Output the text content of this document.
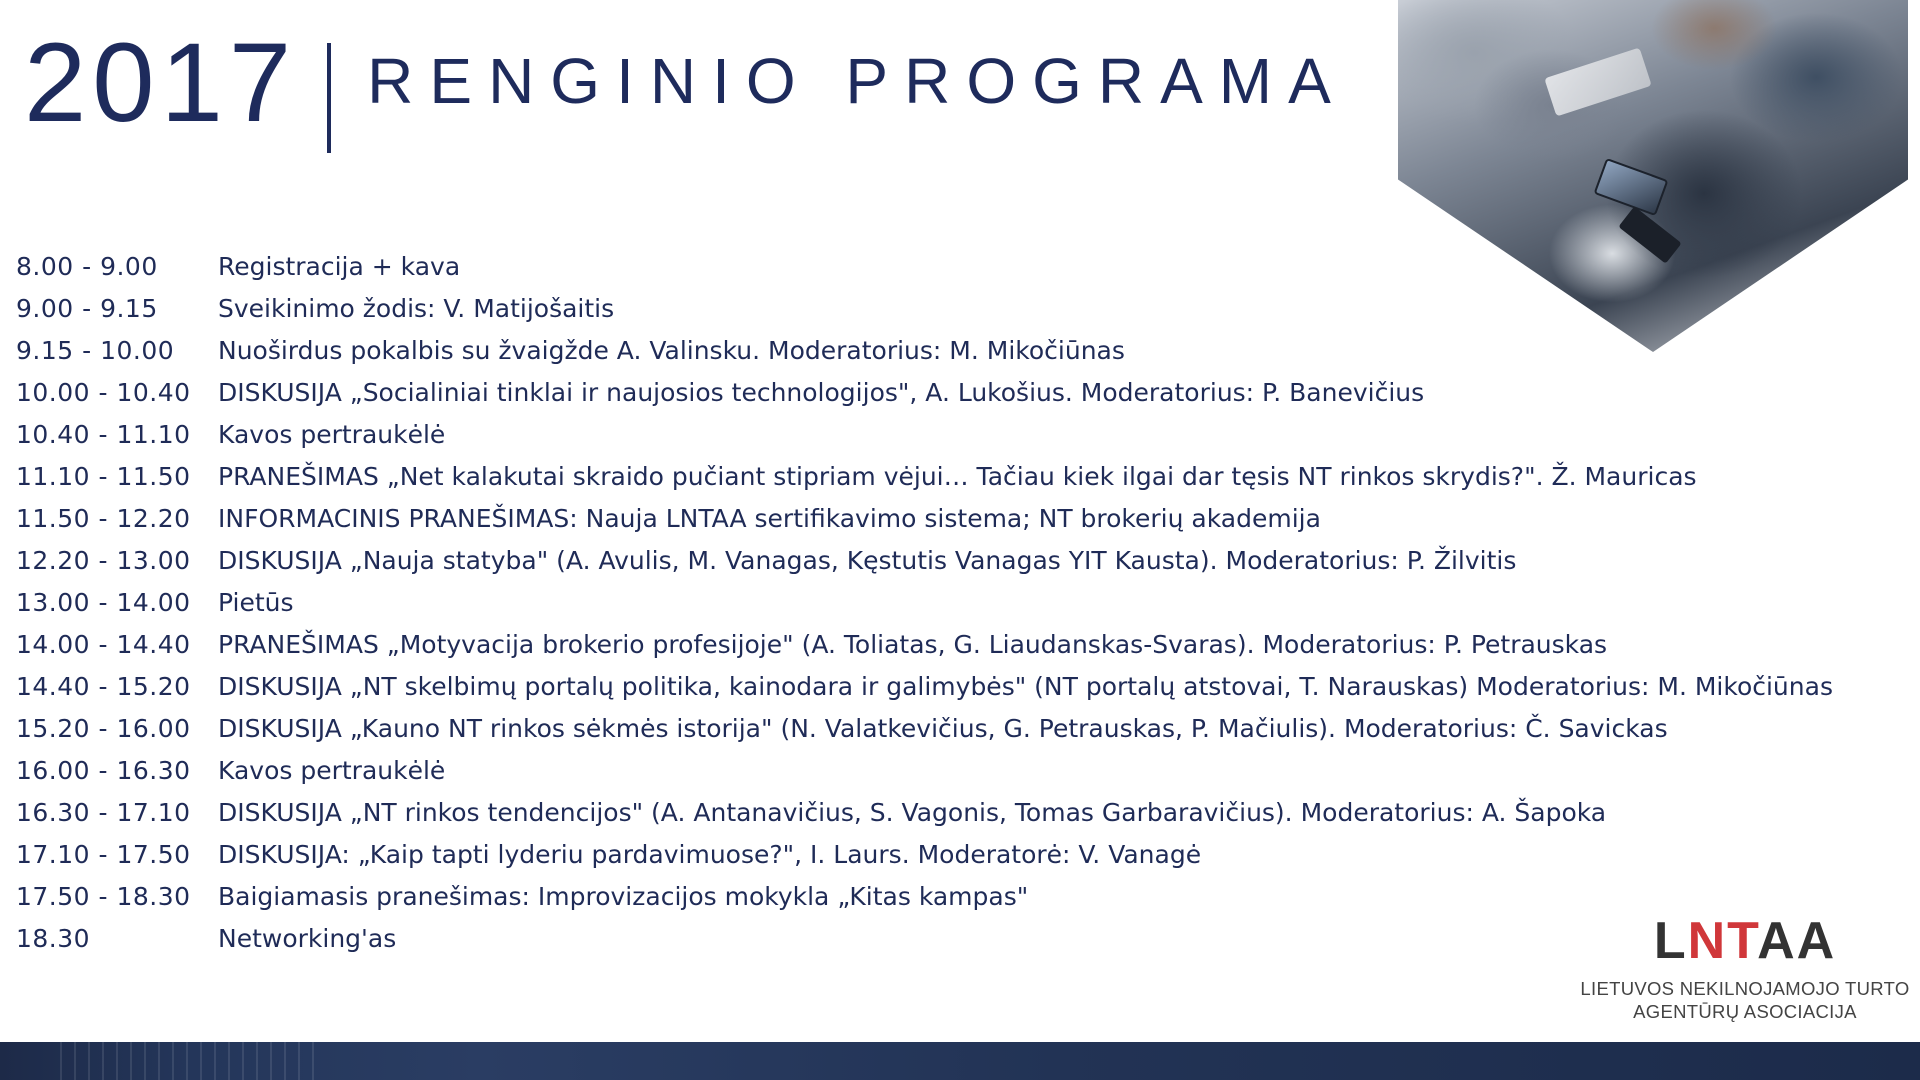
2017 RENGINIO PROGRAMA
8.00 - 9.00	Registracija + kava
9.00 - 9.15	Sveikinimo žodis: V. Matijošaitis
9.15 - 10.00	Nuoširdus pokalbis su žvaigžde A. Valinsku. Moderatorius: M. Mikočiūnas
10.00 - 10.40	DISKUSIJA „Socialiniai tinklai ir naujosios technologijos", A. Lukošius. Moderatorius: P. Banevičius
10.40 - 11.10	Kavos pertraukėlė
11.10 - 11.50	PRANEŠIMAS „Net kalakutai skraido pučiant stipriam vėjui… Tačiau kiek ilgai dar tęsis NT rinkos skrydis?". Ž. Mauricas
11.50 - 12.20	INFORMACINIS PRANEŠIMAS: Nauja LNTAA sertifikavimo sistema; NT brokerių akademija
12.20 - 13.00	DISKUSIJA „Nauja statyba" (A. Avulis, M. Vanagas, Kęstutis Vanagas YIT Kausta). Moderatorius: P. Žilvitis
13.00 - 14.00	Pietūs
14.00 - 14.40	PRANEŠIMAS „Motyvacija brokerio profesijoje" (A. Toliatas, G. Liaudanskas-Svaras). Moderatorius: P. Petrauskas
14.40 - 15.20	DISKUSIJA „NT skelbimų portalų politika, kainodara ir galimybės" (NT portalų atstovai, T. Narauskas) Moderatorius: M. Mikočiūnas
15.20 - 16.00	DISKUSIJA „Kauno NT rinkos sėkmės istorija" (N. Valatkevičius, G. Petrauskas, P. Mačiulis). Moderatorius: Č. Savickas
16.00 - 16.30	Kavos pertraukėlė
16.30 - 17.10	DISKUSIJA „NT rinkos tendencijos" (A. Antanavičius, S. Vagonis, Tomas Garbaravičius). Moderatorius: A. Šapoka
17.10 - 17.50	DISKUSIJA: „Kaip tapti lyderiu pardavimuose?", I. Laurs. Moderatorė: V. Vanagė
17.50 - 18.30	Baigiamasis pranešimas: Improvizacijos mokykla „Kitas kampas"
18.30	Networking'as	LNTAA
LIETUVOS NEKILNOJAMOJO TURTO
AGENTŪRŲ ASOCIACIJA
